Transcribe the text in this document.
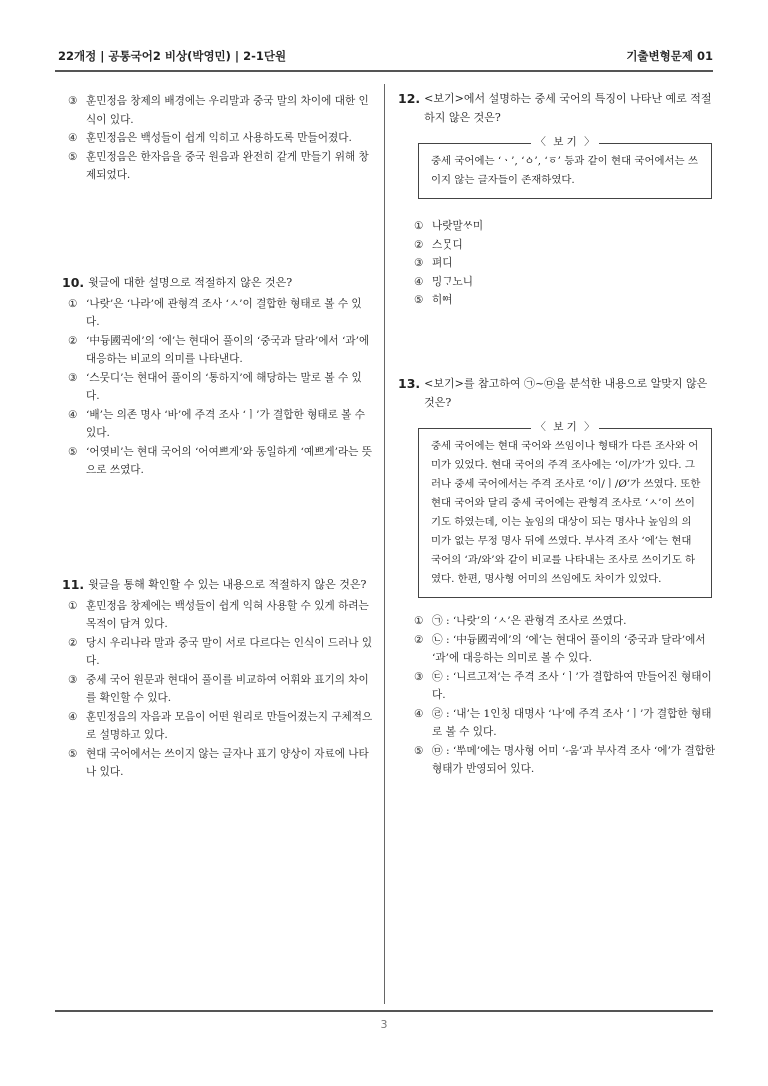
22개정 | 공통국어2 비상(박영민) | 2-1단원	기출변형문제 01
③ 훈민정음 창제의 배경에는 우리말과 중국 말의 차이에 대한 인식이 있다.
④ 훈민정음은 백성들이 쉽게 익히고 사용하도록 만들어졌다.
⑤ 훈민정음은 한자음을 중국 원음과 완전히 같게 만들기 위해 창제되었다.
10. 윗글에 대한 설명으로 적절하지 않은 것은?
① ‘나랏’은 ‘나라’에 관형격 조사 ‘ㅅ’이 결합한 형태로 볼 수 있다.
② ‘中듕國귁에’의 ‘에’는 현대어 풀이의 ‘중국과 달라’에서 ‘과’에 대응하는 비교의 의미를 나타낸다.
③ ‘스뭇디’는 현대어 풀이의 ‘통하지’에 해당하는 말로 볼 수 있다.
④ ‘배’는 의존 명사 ‘바’에 주격 조사 ‘ㅣ’가 결합한 형태로 볼 수 있다.
⑤ ‘어엿비’는 현대 국어의 ‘어여쁘게’와 동일하게 ‘예쁘게’라는 뜻으로 쓰였다.
11. 윗글을 통해 확인할 수 있는 내용으로 적절하지 않은 것은?
① 훈민정음 창제에는 백성들이 쉽게 익혀 사용할 수 있게 하려는 목적이 담겨 있다.
② 당시 우리나라 말과 중국 말이 서로 다르다는 인식이 드러나 있다.
③ 중세 국어 원문과 현대어 풀이를 비교하여 어휘와 표기의 차이를 확인할 수 있다.
④ 훈민정음의 자음과 모음이 어떤 원리로 만들어졌는지 구체적으로 설명하고 있다.
⑤ 현대 국어에서는 쓰이지 않는 글자나 표기 양상이 자료에 나타나 있다.
12. <보기>에서 설명하는 중세 국어의 특징이 나타난 예로 적절하지 않은 것은?
〈 보 기 〉
중세 국어에는 ‘ㆍ’, ‘ㆁ’, ‘ㆆ’ 등과 같이 현대 국어에서는 쓰이지 않는 글자들이 존재하였다.
① 나랏말ᄊᆞ미
② 스ᄆᆞᆺ디
③ 펴디
④ 밍ᄀᆞ노니
⑤ 히ᅇᅧ
13. <보기>를 참고하여 ㉠~㉤을 분석한 내용으로 알맞지 않은 것은?
〈 보 기 〉
중세 국어에는 현대 국어와 쓰임이나 형태가 다른 조사와 어미가 있었다. 현대 국어의 주격 조사에는 ‘이/가’가 있다. 그러나 중세 국어에서는 주격 조사로 ‘이/ㅣ/Ø’가 쓰였다. 또한 현대 국어와 달리 중세 국어에는 관형격 조사로 ‘ㅅ’이 쓰이기도 하였는데, 이는 높임의 대상이 되는 명사나 높임의 의미가 없는 무정 명사 뒤에 쓰였다. 부사격 조사 ‘에’는 현대 국어의 ‘과/와’와 같이 비교를 나타내는 조사로 쓰이기도 하였다. 한편, 명사형 어미의 쓰임에도 차이가 있었다.
① ㉠ : ‘나랏’의 ‘ㅅ’은 관형격 조사로 쓰였다.
② ㉡ : ‘中듕國귁에’의 ‘에’는 현대어 풀이의 ‘중국과 달라’에서 ‘과’에 대응하는 의미로 볼 수 있다.
③ ㉢ : ‘니르고져’는 주격 조사 ‘ㅣ’가 결합하여 만들어진 형태이다.
④ ㉣ : ‘내’는 1인칭 대명사 ‘나’에 주격 조사 ‘ㅣ’가 결합한 형태로 볼 수 있다.
⑤ ㉤ : ‘ᄡᅮ메’에는 명사형 어미 ‘-움’과 부사격 조사 ‘에’가 결합한 형태가 반영되어 있다.
3
